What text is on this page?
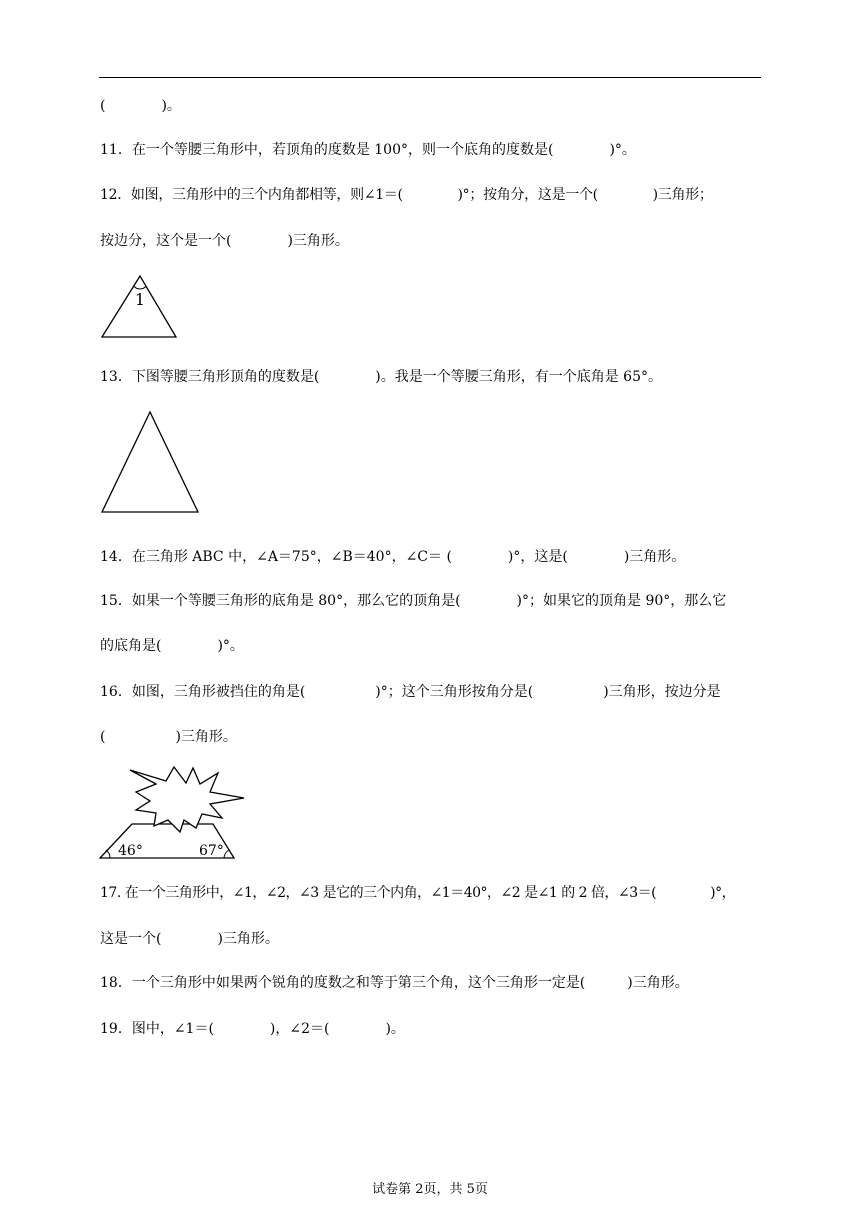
(　　　　)。
11．在一个等腰三角形中，若顶角的度数是 100°，则一个底角的度数是(　　　　)°。
12．如图，三角形中的三个内角都相等，则∠1＝(　　　　)°；按角分，这是一个(　　　　)三角形；
按边分，这个是一个(　　　　)三角形。
1
13．下图等腰三角形顶角的度数是(　　　　)。我是一个等腰三角形，有一个底角是 65°。
14．在三角形 ABC 中，∠A＝75°，∠B＝40°，∠C＝ (　　　　)°，这是(　　　　)三角形。
15．如果一个等腰三角形的底角是 80°，那么它的顶角是(　　　　)°；如果它的顶角是 90°，那么它
的底角是(　　　　)°。
16．如图，三角形被挡住的角是(　　　　　)°；这个三角形按角分是(　　　　　)三角形，按边分是
(　　　　　)三角形。
46°	67°
17. 在一个三角形中，∠1，∠2，∠3 是它的三个内角，∠1＝40°，∠2 是∠1 的 2 倍，∠3＝(　　　　)°，
这是一个(　　　　)三角形。
18．一个三角形中如果两个锐角的度数之和等于第三个角，这个三角形一定是(　　　)三角形。
19．图中，∠1＝(　　　　)，∠2＝(　　　　)。
试卷第 2页，共 5页
